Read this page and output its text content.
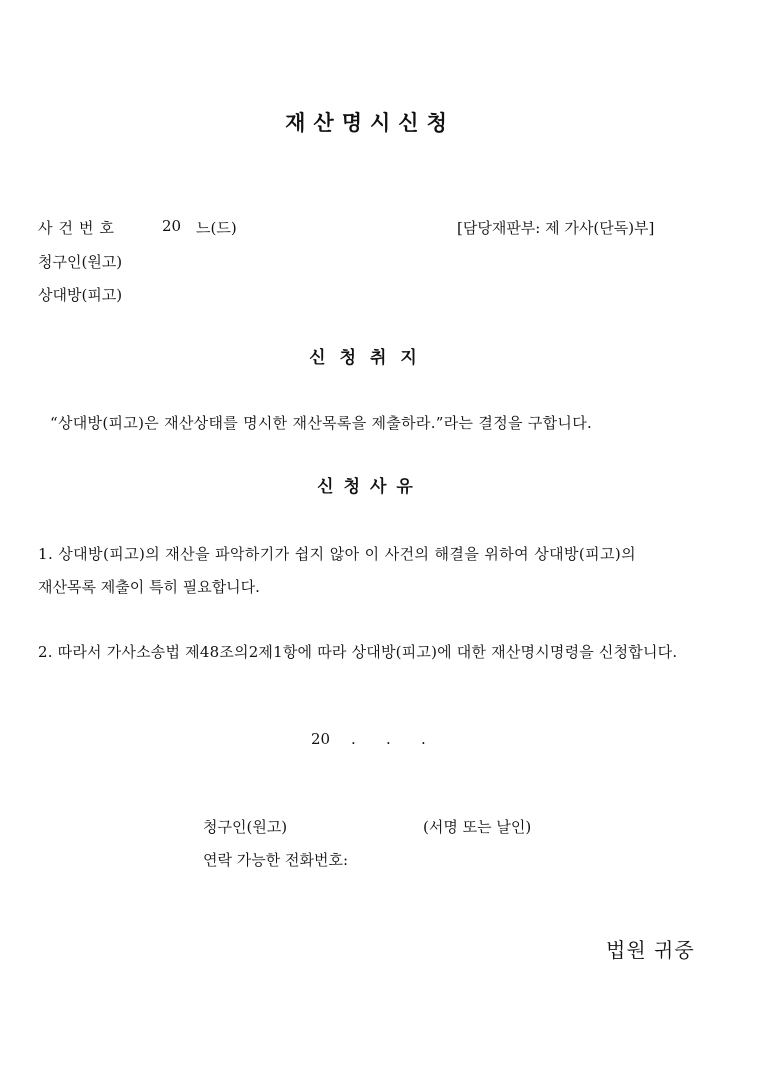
재산명시신청
사건번호	20 느(드)	[담당재판부: 제 가사(단독)부]
청구인(원고)
상대방(피고)
신청취지
“상대방(피고)은 재산상태를 명시한 재산목록을 제출하라.”라는 결정을 구합니다.
신청사유
1. 상대방(피고)의 재산을 파악하기가 쉽지 않아 이 사건의 해결을 위하여 상대방(피고)의
재산목록 제출이 특히 필요합니다.
2. 따라서 가사소송법 제48조의2제1항에 따라 상대방(피고)에 대한 재산명시명령을 신청합니다.
20 . . .
청구인(원고)	(서명 또는 날인)
연락 가능한 전화번호:
법원 귀중
